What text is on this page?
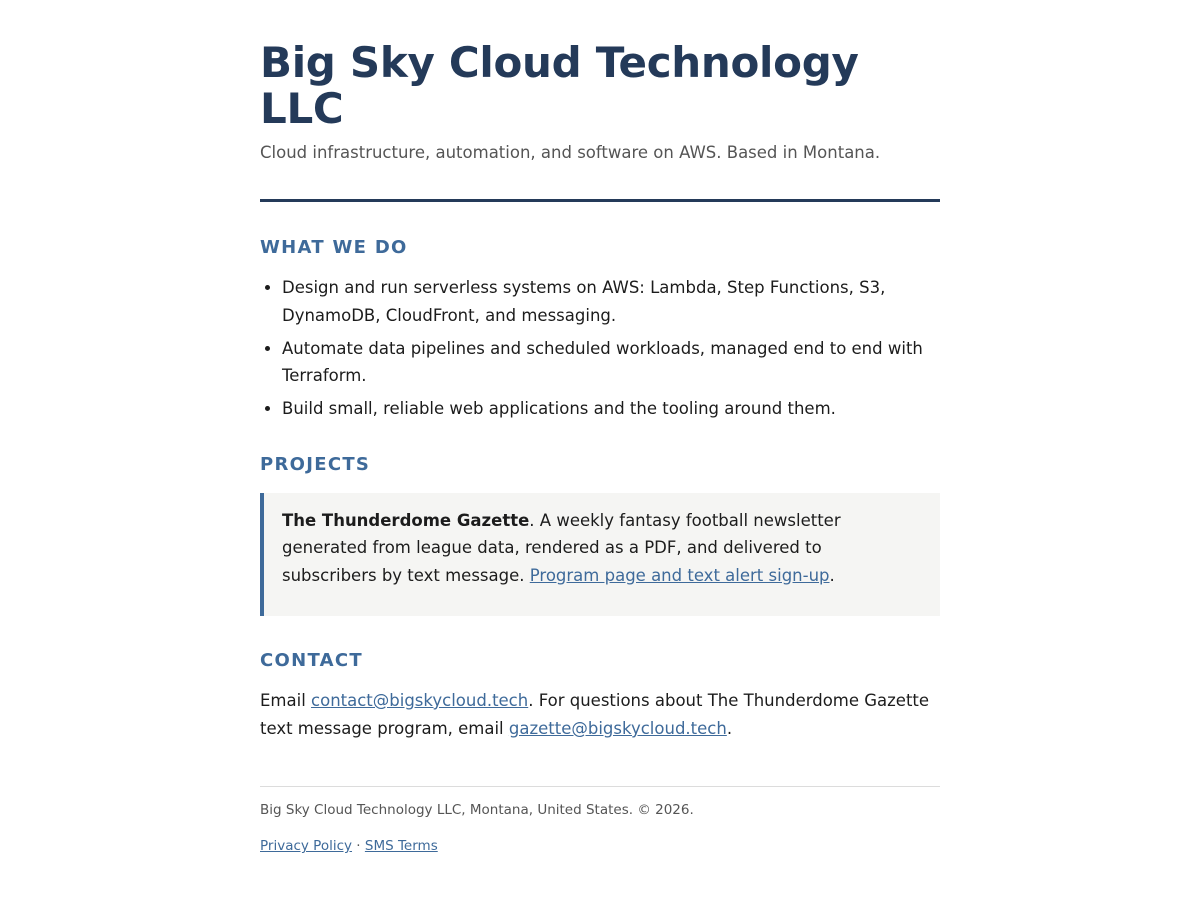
Big Sky Cloud Technology LLC

Cloud infrastructure, automation, and software on AWS. Based in Montana.

WHAT WE DO
• Design and run serverless systems on AWS: Lambda, Step Functions, S3, DynamoDB, CloudFront, and messaging.
• Automate data pipelines and scheduled workloads, managed end to end with Terraform.
• Build small, reliable web applications and the tooling around them.
PROJECTS
The Thunderdome Gazette. A weekly fantasy football newsletter generated from league data, rendered as a PDF, and delivered to subscribers by text message. Program page and text alert sign-up.
CONTACT

Email contact@bigskycloud.tech. For questions about The Thunderdome Gazette text message program, email gazette@bigskycloud.tech.

Big Sky Cloud Technology LLC, Montana, United States. © 2026.

Privacy Policy · SMS Terms
